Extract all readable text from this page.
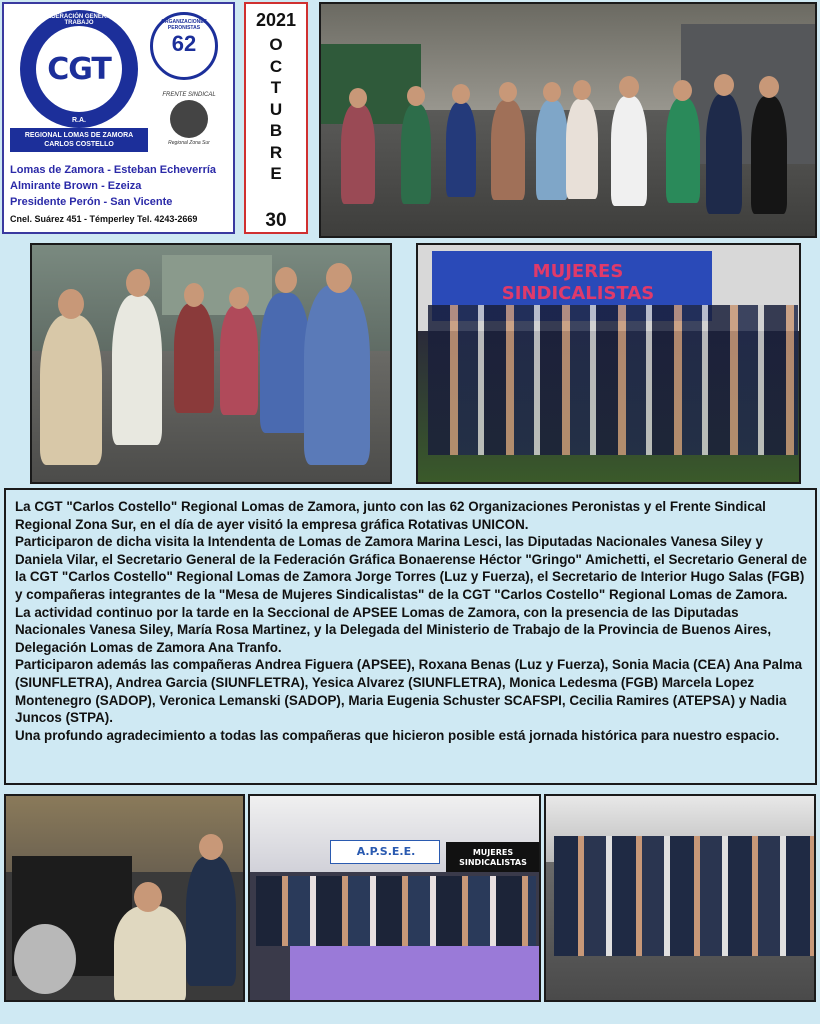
CONFEDERACIÓN GENERAL DEL TRABAJO
CGT
R.A.
ORGANIZACIONES PERONISTAS
62
FRENTE SINDICAL
Regional Zona Sur
REGIONAL LOMAS DE ZAMORA
CARLOS COSTELLO
Lomas de Zamora - Esteban Echeverría
Almirante Brown - Ezeiza
Presidente Perón - San Vicente
Cnel. Suárez 451 - Témperley Tel. 4243-2669
2021
O
C
T
U
B
R
E
30
MUJERES SINDICALISTAS

La CGT "Carlos Costello" Regional Lomas de Zamora, junto con las 62 Organizaciones Peronistas y el Frente Sindical Regional Zona Sur, en el día de ayer visitó la empresa gráfica Rotativas UNICON.

Participaron de dicha visita la Intendenta de Lomas de Zamora Marina Lesci, las Diputadas Nacionales Vanesa Siley y Daniela Vilar, el Secretario General de la Federación Gráfica Bonaerense Héctor "Gringo" Amichetti, el Secretario General de la CGT "Carlos Costello" Regional Lomas de Zamora Jorge Torres (Luz y Fuerza), el Secretario de Interior Hugo Salas (FGB) y compañeras integrantes de la "Mesa de Mujeres Sindicalistas" de la CGT "Carlos Costello" Regional Lomas de Zamora.

La actividad continuo por la tarde en la Seccional de APSEE Lomas de Zamora, con la presencia de las Diputadas Nacionales Vanesa Siley, María Rosa Martinez, y la Delegada del Ministerio de Trabajo de la Provincia de Buenos Aires, Delegación Lomas de Zamora Ana Tranfo.

Participaron además las compañeras Andrea Figuera (APSEE), Roxana Benas (Luz y Fuerza), Sonia Macia (CEA) Ana Palma (SIUNFLETRA), Andrea Garcia (SIUNFLETRA), Yesica Alvarez (SIUNFLETRA), Monica Ledesma (FGB) Marcela Lopez Montenegro (SADOP), Veronica Lemanski (SADOP), Maria Eugenia Schuster SCAFSPI, Cecilia Ramires (ATEPSA) y Nadia Juncos (STPA).

Una profundo agradecimiento a todas las compañeras que hicieron posible está jornada histórica para nuestro espacio.

A.P.S.E.E.	MUJERES SINDICALISTAS
